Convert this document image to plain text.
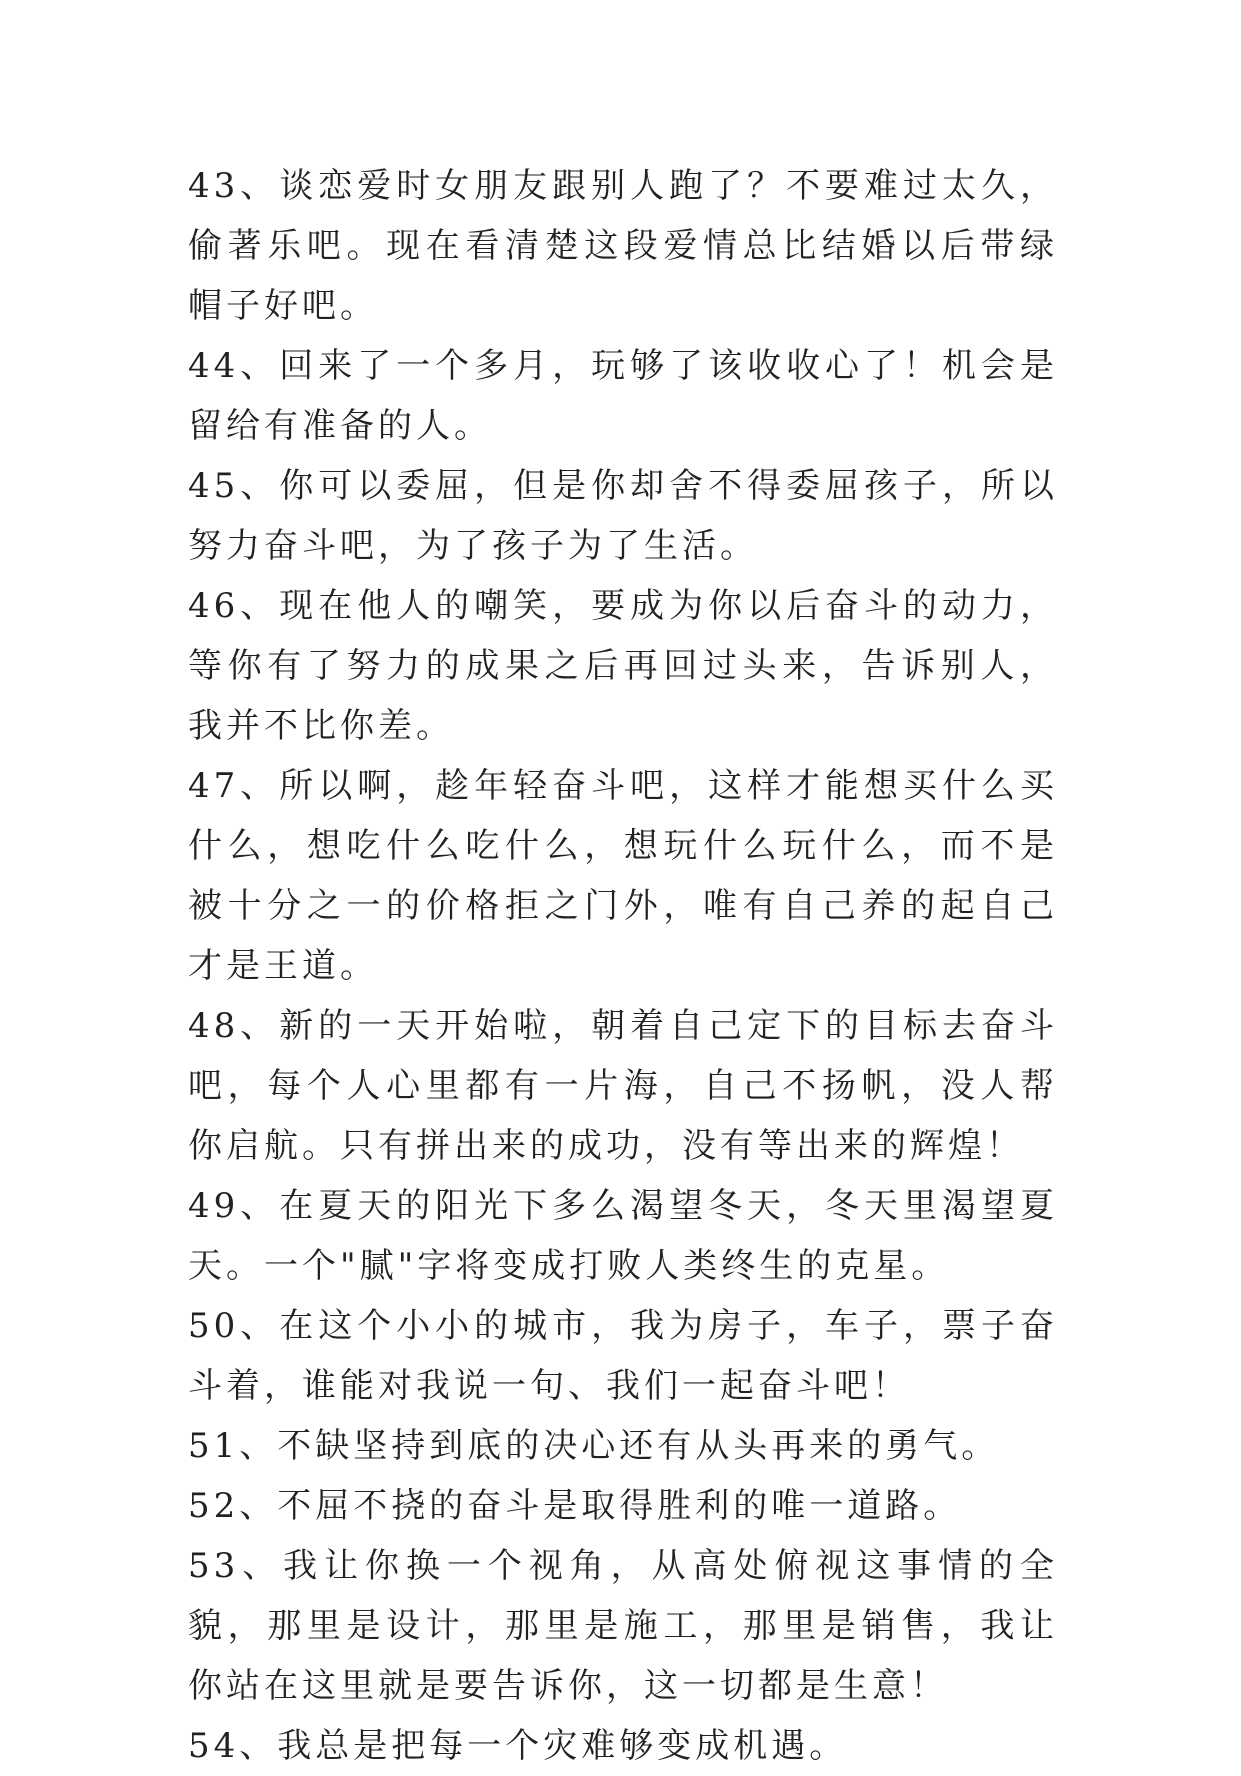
43、谈恋爱时女朋友跟别人跑了？不要难过太久，偷著乐吧。现在看清楚这段爱情总比结婚以后带绿帽子好吧。

44、回来了一个多月，玩够了该收收心了！机会是留给有准备的人。

45、你可以委屈，但是你却舍不得委屈孩子，所以努力奋斗吧，为了孩子为了生活。

46、现在他人的嘲笑，要成为你以后奋斗的动力，等你有了努力的成果之后再回过头来，告诉别人，我并不比你差。

47、所以啊，趁年轻奋斗吧，这样才能想买什么买什么，想吃什么吃什么，想玩什么玩什么，而不是被十分之一的价格拒之门外，唯有自己养的起自己才是王道。

48、新的一天开始啦，朝着自己定下的目标去奋斗吧，每个人心里都有一片海，自己不扬帆，没人帮你启航。只有拼出来的成功，没有等出来的辉煌！

49、在夏天的阳光下多么渴望冬天，冬天里渴望夏天。一个"腻"字将变成打败人类终生的克星。

50、在这个小小的城市，我为房子，车子，票子奋斗着，谁能对我说一句、我们一起奋斗吧！

51、不缺坚持到底的决心还有从头再来的勇气。

52、不屈不挠的奋斗是取得胜利的唯一道路。

53、我让你换一个视角，从高处俯视这事情的全貌，那里是设计，那里是施工，那里是销售，我让你站在这里就是要告诉你，这一切都是生意！

54、我总是把每一个灾难够变成机遇。
